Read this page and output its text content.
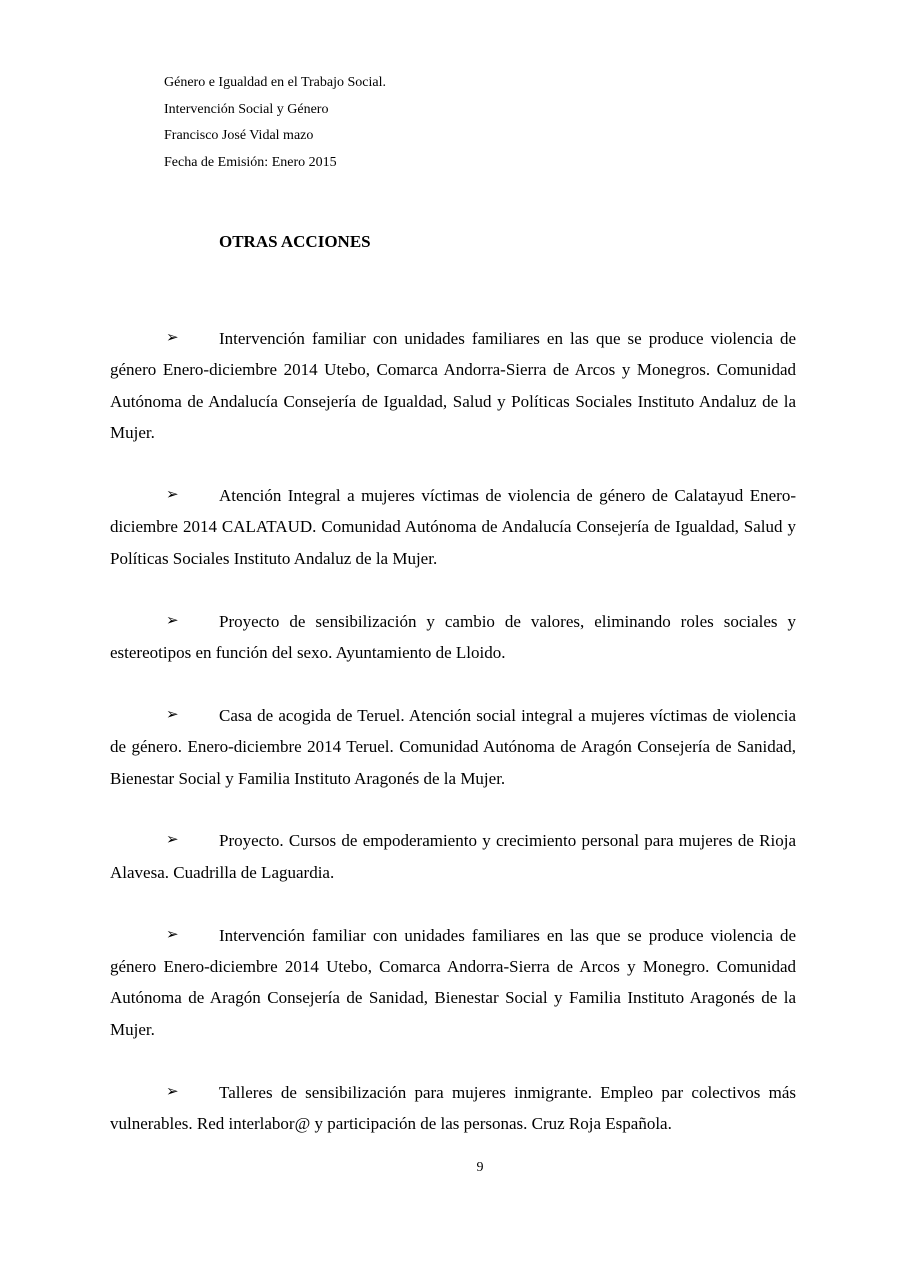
Género e Igualdad en el Trabajo Social.
Intervención Social y Género
Francisco José Vidal mazo
Fecha de Emisión: Enero 2015
OTRAS ACCIONES
➢ Intervención familiar con unidades familiares en las que se produce violencia de género Enero-diciembre 2014 Utebo, Comarca Andorra-Sierra de Arcos y Monegros. Comunidad Autónoma de Andalucía Consejería de Igualdad, Salud y Políticas Sociales Instituto Andaluz de la Mujer.
➢ Atención Integral a mujeres víctimas de violencia de género de Calatayud Enero-diciembre 2014 CALATAUD. Comunidad Autónoma de Andalucía Consejería de Igualdad, Salud y Políticas Sociales Instituto Andaluz de la Mujer.
➢ Proyecto de sensibilización y cambio de valores, eliminando roles sociales y estereotipos en función del sexo. Ayuntamiento de Lloido.
➢ Casa de acogida de Teruel. Atención social integral a mujeres víctimas de violencia de género. Enero-diciembre 2014 Teruel. Comunidad Autónoma de Aragón Consejería de Sanidad, Bienestar Social y Familia Instituto Aragonés de la Mujer.
➢ Proyecto. Cursos de empoderamiento y crecimiento personal para mujeres de Rioja Alavesa. Cuadrilla de Laguardia.
➢ Intervención familiar con unidades familiares en las que se produce violencia de género Enero-diciembre 2014 Utebo, Comarca Andorra-Sierra de Arcos y Monegro. Comunidad Autónoma de Aragón Consejería de Sanidad, Bienestar Social y Familia Instituto Aragonés de la Mujer.
➢ Talleres de sensibilización para mujeres inmigrante. Empleo par colectivos más vulnerables. Red interlabor@ y participación de las personas. Cruz Roja Española.
9
